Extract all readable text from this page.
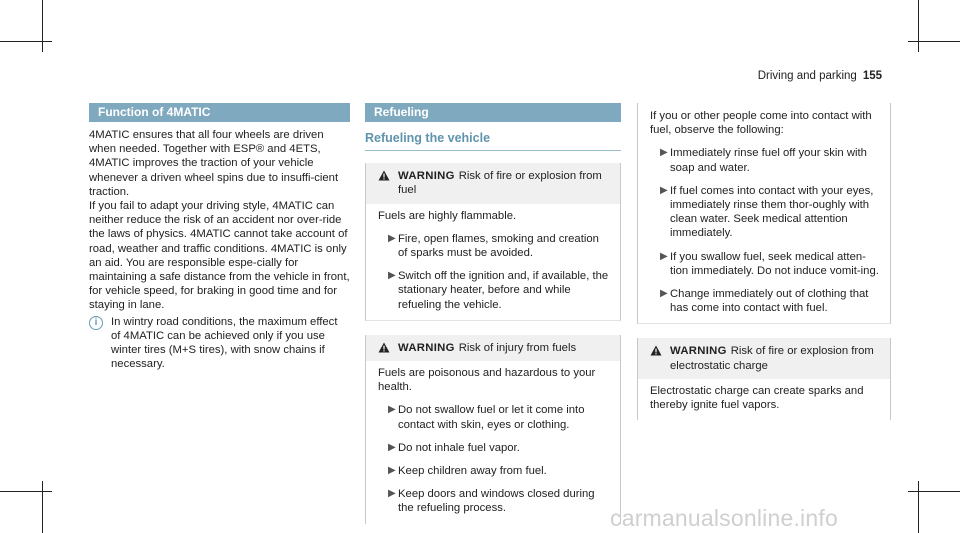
Driving and parking 155
Function of 4MATIC

4MATIC ensures that all four wheels are driven when needed. Together with ESP® and 4ETS, 4MATIC improves the traction of your vehicle whenever a driven wheel spins due to insuffi-cient traction.

If you fail to adapt your driving style, 4MATIC can neither reduce the risk of an accident nor over-ride the laws of physics. 4MATIC cannot take account of road, weather and traffic conditions. 4MATIC is only an aid. You are responsible espe-cially for maintaining a safe distance from the vehicle in front, for vehicle speed, for braking in good time and for staying in lane.

i	In wintry road conditions, the maximum effect of 4MATIC can be achieved only if you use winter tires (M+S tires), with snow chains if necessary.

Refueling
Refueling the vehicle
WARNING Risk of fire or explosion from fuel

Fuels are highly flammable.

▶ Fire, open flames, smoking and creation of sparks must be avoided.
▶ Switch off the ignition and, if available, the stationary heater, before and while refueling the vehicle.
WARNING Risk of injury from fuels

Fuels are poisonous and hazardous to your health.

▶ Do not swallow fuel or let it come into contact with skin, eyes or clothing.
▶ Do not inhale fuel vapor.
▶ Keep children away from fuel.
▶ Keep doors and windows closed during the refueling process.

If you or other people come into contact with fuel, observe the following:

▶ Immediately rinse fuel off your skin with soap and water.
▶ If fuel comes into contact with your eyes, immediately rinse them thor-oughly with clean water. Seek medical attention immediately.
▶ If you swallow fuel, seek medical atten-tion immediately. Do not induce vomit-ing.
▶ Change immediately out of clothing that has come into contact with fuel.
WARNING Risk of fire or explosion from electrostatic charge

Electrostatic charge can create sparks and thereby ignite fuel vapors.

carmanualsonline.info
